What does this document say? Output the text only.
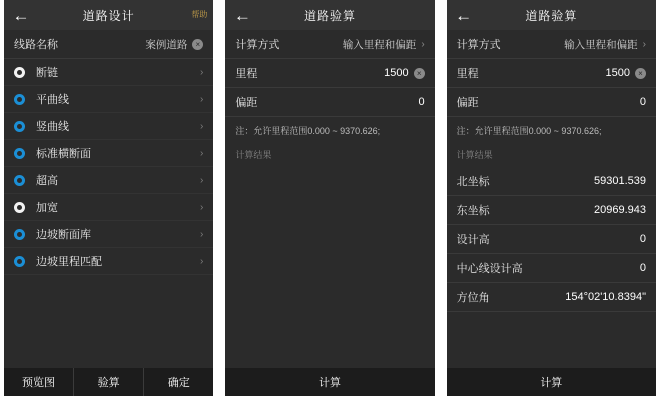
←	道路设计	帮助
线路名称	案例道路	×
断链	›
平曲线	›
竖曲线	›
标准横断面	›
超高	›
加宽	›
边坡断面库	›
边坡里程匹配	›
预览图	验算	确定
←	道路验算
计算方式	输入里程和偏距 ›
里程	1500	×
偏距	0
注：允许里程范围0.000 ~ 9370.626;
计算结果
计算
←	道路验算
计算方式	输入里程和偏距 ›
里程	1500	×
偏距	0
注：允许里程范围0.000 ~ 9370.626;
计算结果
北坐标	59301.539
东坐标	20969.943
设计高	0
中心线设计高	0
方位角	154°02'10.8394"
计算
